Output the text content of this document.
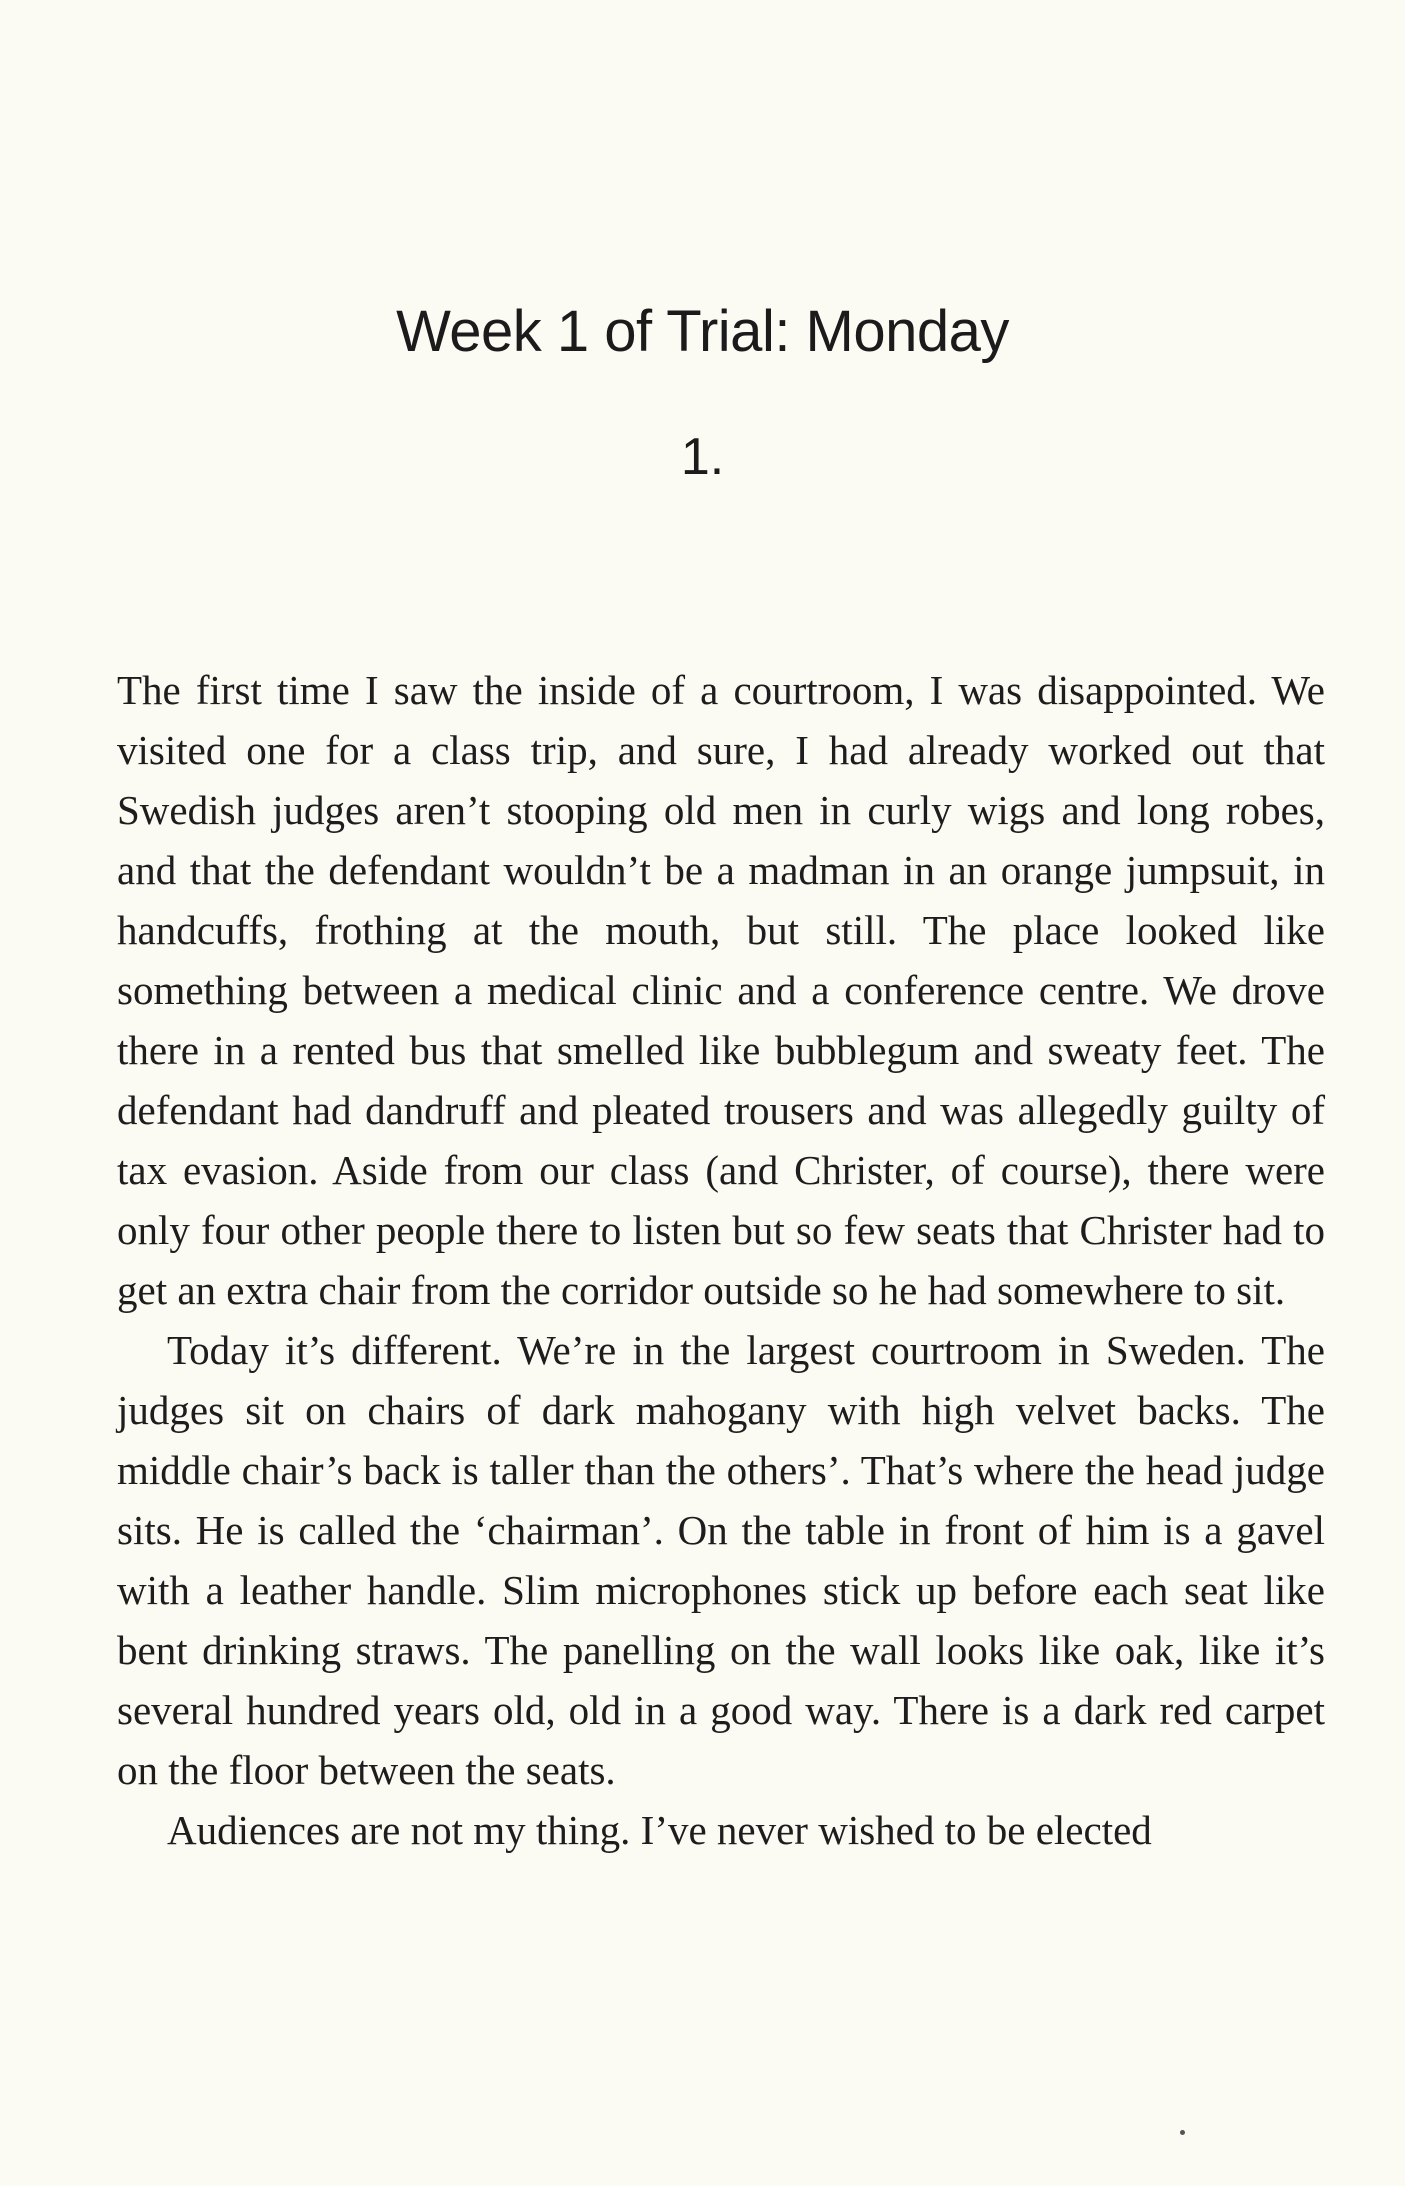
Week 1 of Trial: Monday
1.

The first time I saw the inside of a courtroom, I was disappointed. We visited one for a class trip, and sure, I had already worked out that Swedish judges aren’t stooping old men in curly wigs and long robes, and that the defendant wouldn’t be a madman in an orange jumpsuit, in handcuffs, frothing at the mouth, but still. The place looked like something between a medical clinic and a conference centre. We drove there in a rented bus that smelled like bubblegum and sweaty feet. The defendant had dandruff and pleated trousers and was allegedly guilty of tax evasion. Aside from our class (and Christer, of course), there were only four other people there to listen but so few seats that Christer had to get an extra chair from the corridor outside so he had somewhere to sit.

Today it’s different. We’re in the largest courtroom in Sweden. The judges sit on chairs of dark mahogany with high velvet backs. The middle chair’s back is taller than the others’. That’s where the head judge sits. He is called the ‘chairman’. On the table in front of him is a gavel with a leather handle. Slim microphones stick up before each seat like bent drinking straws. The panelling on the wall looks like oak, like it’s several hundred years old, old in a good way. There is a dark red carpet on the floor between the seats.

Audiences are not my thing. I’ve never wished to be elected
